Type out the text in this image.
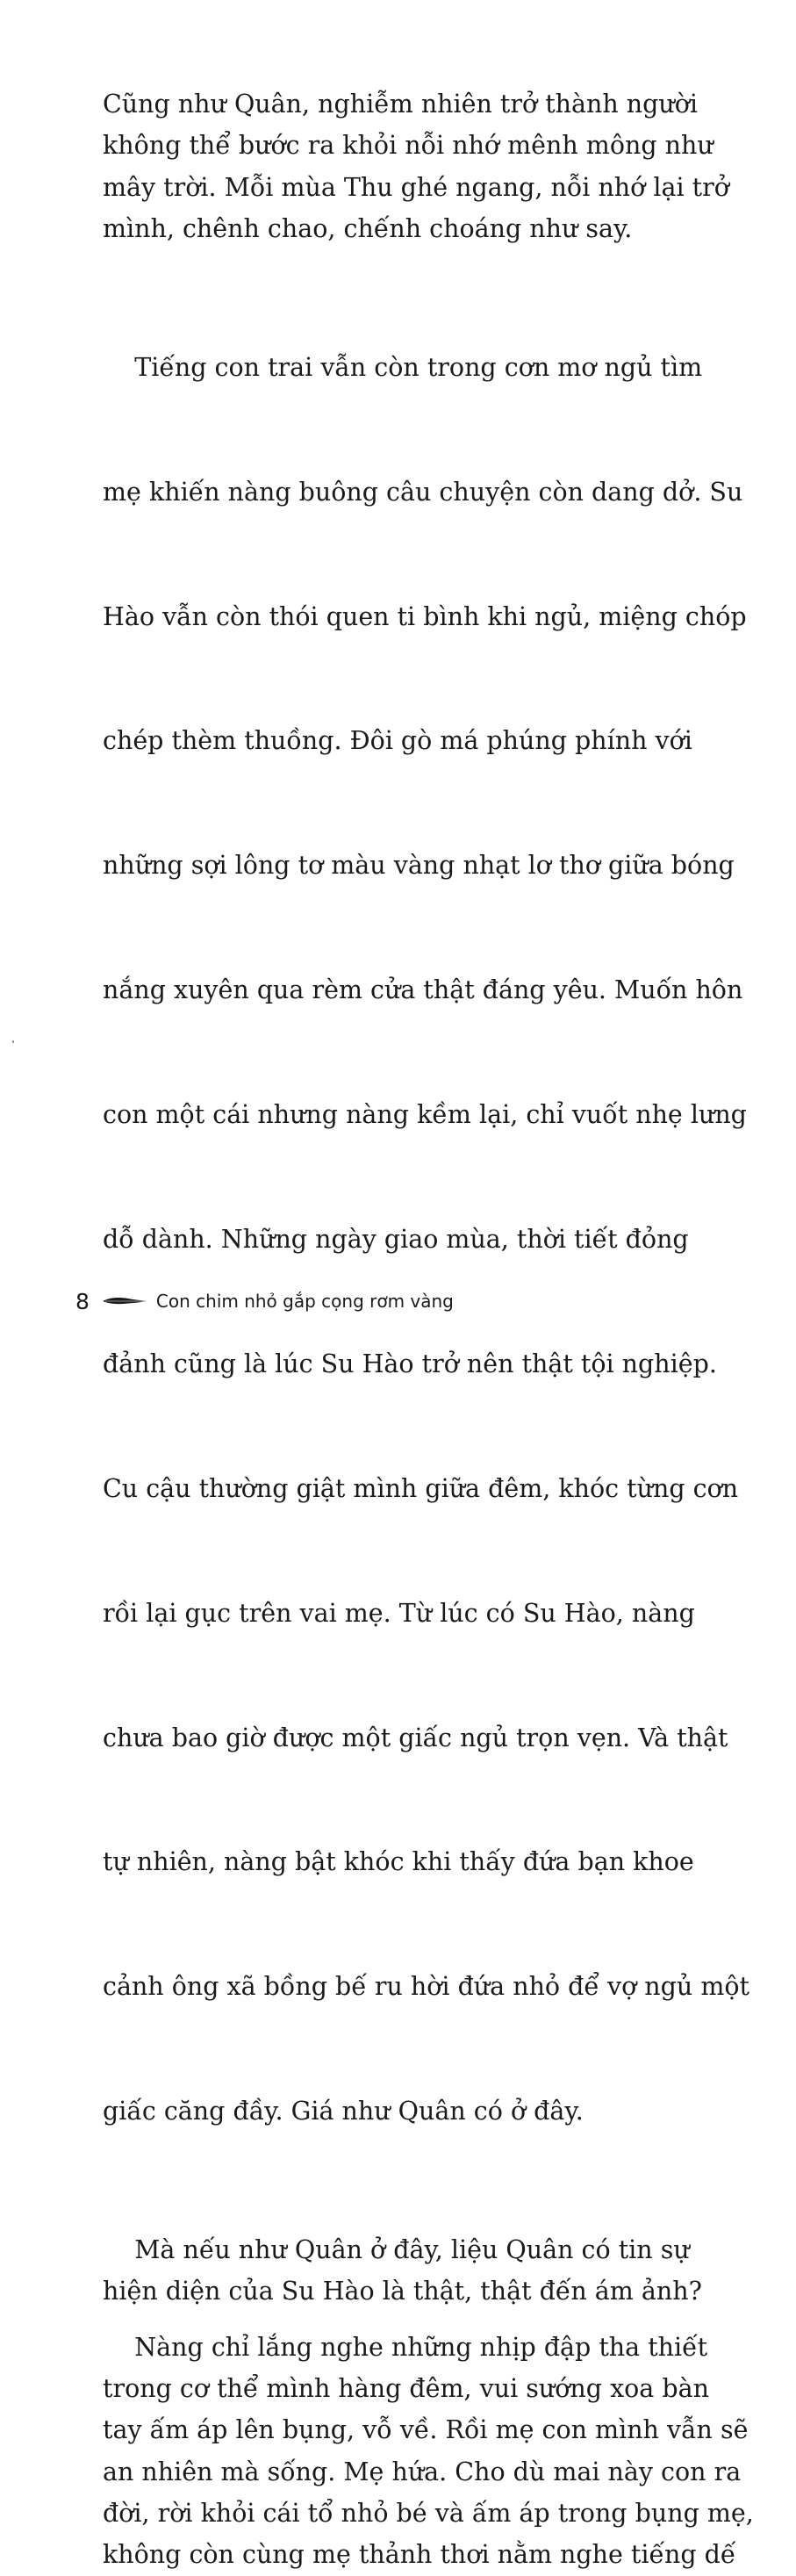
Cũng như Quân, nghiễm nhiên trở thành người
không thể bước ra khỏi nỗi nhớ mênh mông như
mây trời. Mỗi mùa Thu ghé ngang, nỗi nhớ lại trở
mình, chênh chao, chếnh choáng như say.

Tiếng con trai vẫn còn trong cơn mơ ngủ tìm

mẹ khiến nàng buông câu chuyện còn dang dở. Su

Hào vẫn còn thói quen ti bình khi ngủ, miệng chóp

chép thèm thuồng. Đôi gò má phúng phính với

những sợi lông tơ màu vàng nhạt lơ thơ giữa bóng

nắng xuyên qua rèm cửa thật đáng yêu. Muốn hôn

con một cái nhưng nàng kềm lại, chỉ vuốt nhẹ lưng

dỗ dành. Những ngày giao mùa, thời tiết đỏng

đảnh cũng là lúc Su Hào trở nên thật tội nghiệp.

Cu cậu thường giật mình giữa đêm, khóc từng cơn

rồi lại gục trên vai mẹ. Từ lúc có Su Hào, nàng

chưa bao giờ được một giấc ngủ trọn vẹn. Và thật

tự nhiên, nàng bật khóc khi thấy đứa bạn khoe

cảnh ông xã bồng bế ru hời đứa nhỏ để vợ ngủ một

giấc căng đầy. Giá như Quân có ở đây.

Mà nếu như Quân ở đây, liệu Quân có tin sự
hiện diện của Su Hào là thật, thật đến ám ảnh?
Nàng chỉ lắng nghe những nhịp đập tha thiết
trong cơ thể mình hàng đêm, vui sướng xoa bàn
tay ấm áp lên bụng, vỗ về. Rồi mẹ con mình vẫn sẽ
an nhiên mà sống. Mẹ hứa. Cho dù mai này con ra
đời, rời khỏi cái tổ nhỏ bé và ấm áp trong bụng mẹ,
không còn cùng mẹ thảnh thơi nằm nghe tiếng dế
8	Con chim nhỏ gắp cọng rơm vàng
